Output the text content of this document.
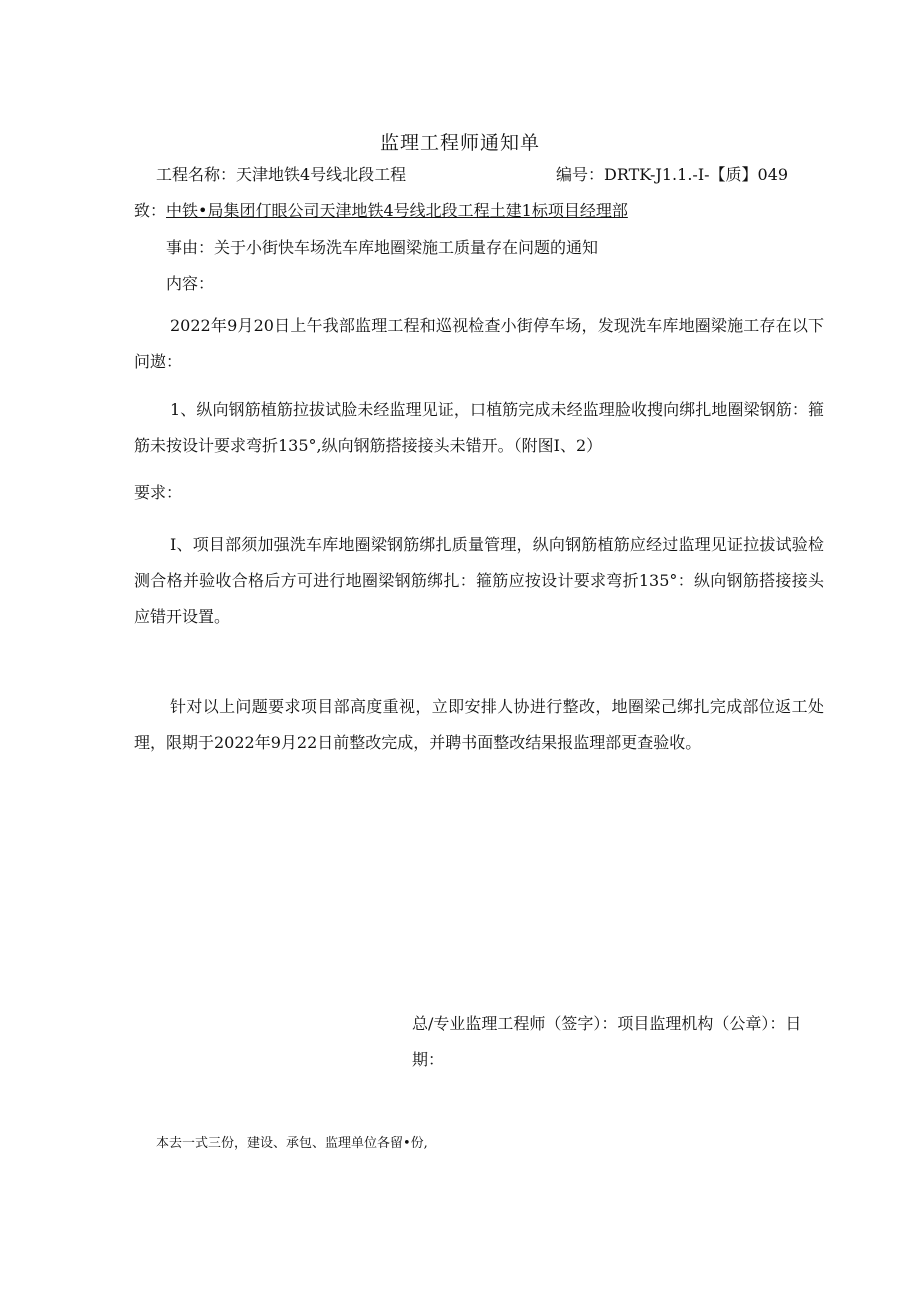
监理工程师通知单
工程名称：天津地铁4号线北段工程	编号：DRTK-J1.1.-I-【质】049
致：中铁•局集团仃眼公司天津地铁4号线北段工程土建1标项目经理部
事由：关于小街快车场洗车库地圈梁施工质量存在问题的通知
内容：
2022年9月20日上午我部监理工程和巡视检查小街停车场，发现洗车库地圈梁施工存在以下问遨：
1、纵向钢筋植筋拉拔试脸未经监理见证，口植筋完成未经监理脸收搜向绑扎地圈梁钢筋：箍筋未按设计要求弯折135°,纵向钢筋搭接接头未错开。（附图I、2）
要求：
I、项目部须加强洗车库地圈梁钢筋绑扎质量管理，纵向钢筋植筋应经过监理见证拉拔试验检测合格并验收合格后方可进行地圈梁钢筋绑扎：箍筋应按设计要求弯折135°：纵向钢筋搭接接头应错开设置。
针对以上问题要求项目部高度重视，立即安排人协进行整改，地圈梁己绑扎完成部位返工处理，限期于2022年9月22日前整改完成，并聘书面整改结果报监理部更查验收。
总/专业监理工程师（签字）：项目监理机构（公章）：日期：
本去一式三份，建设、承包、监理单位各留•份,
